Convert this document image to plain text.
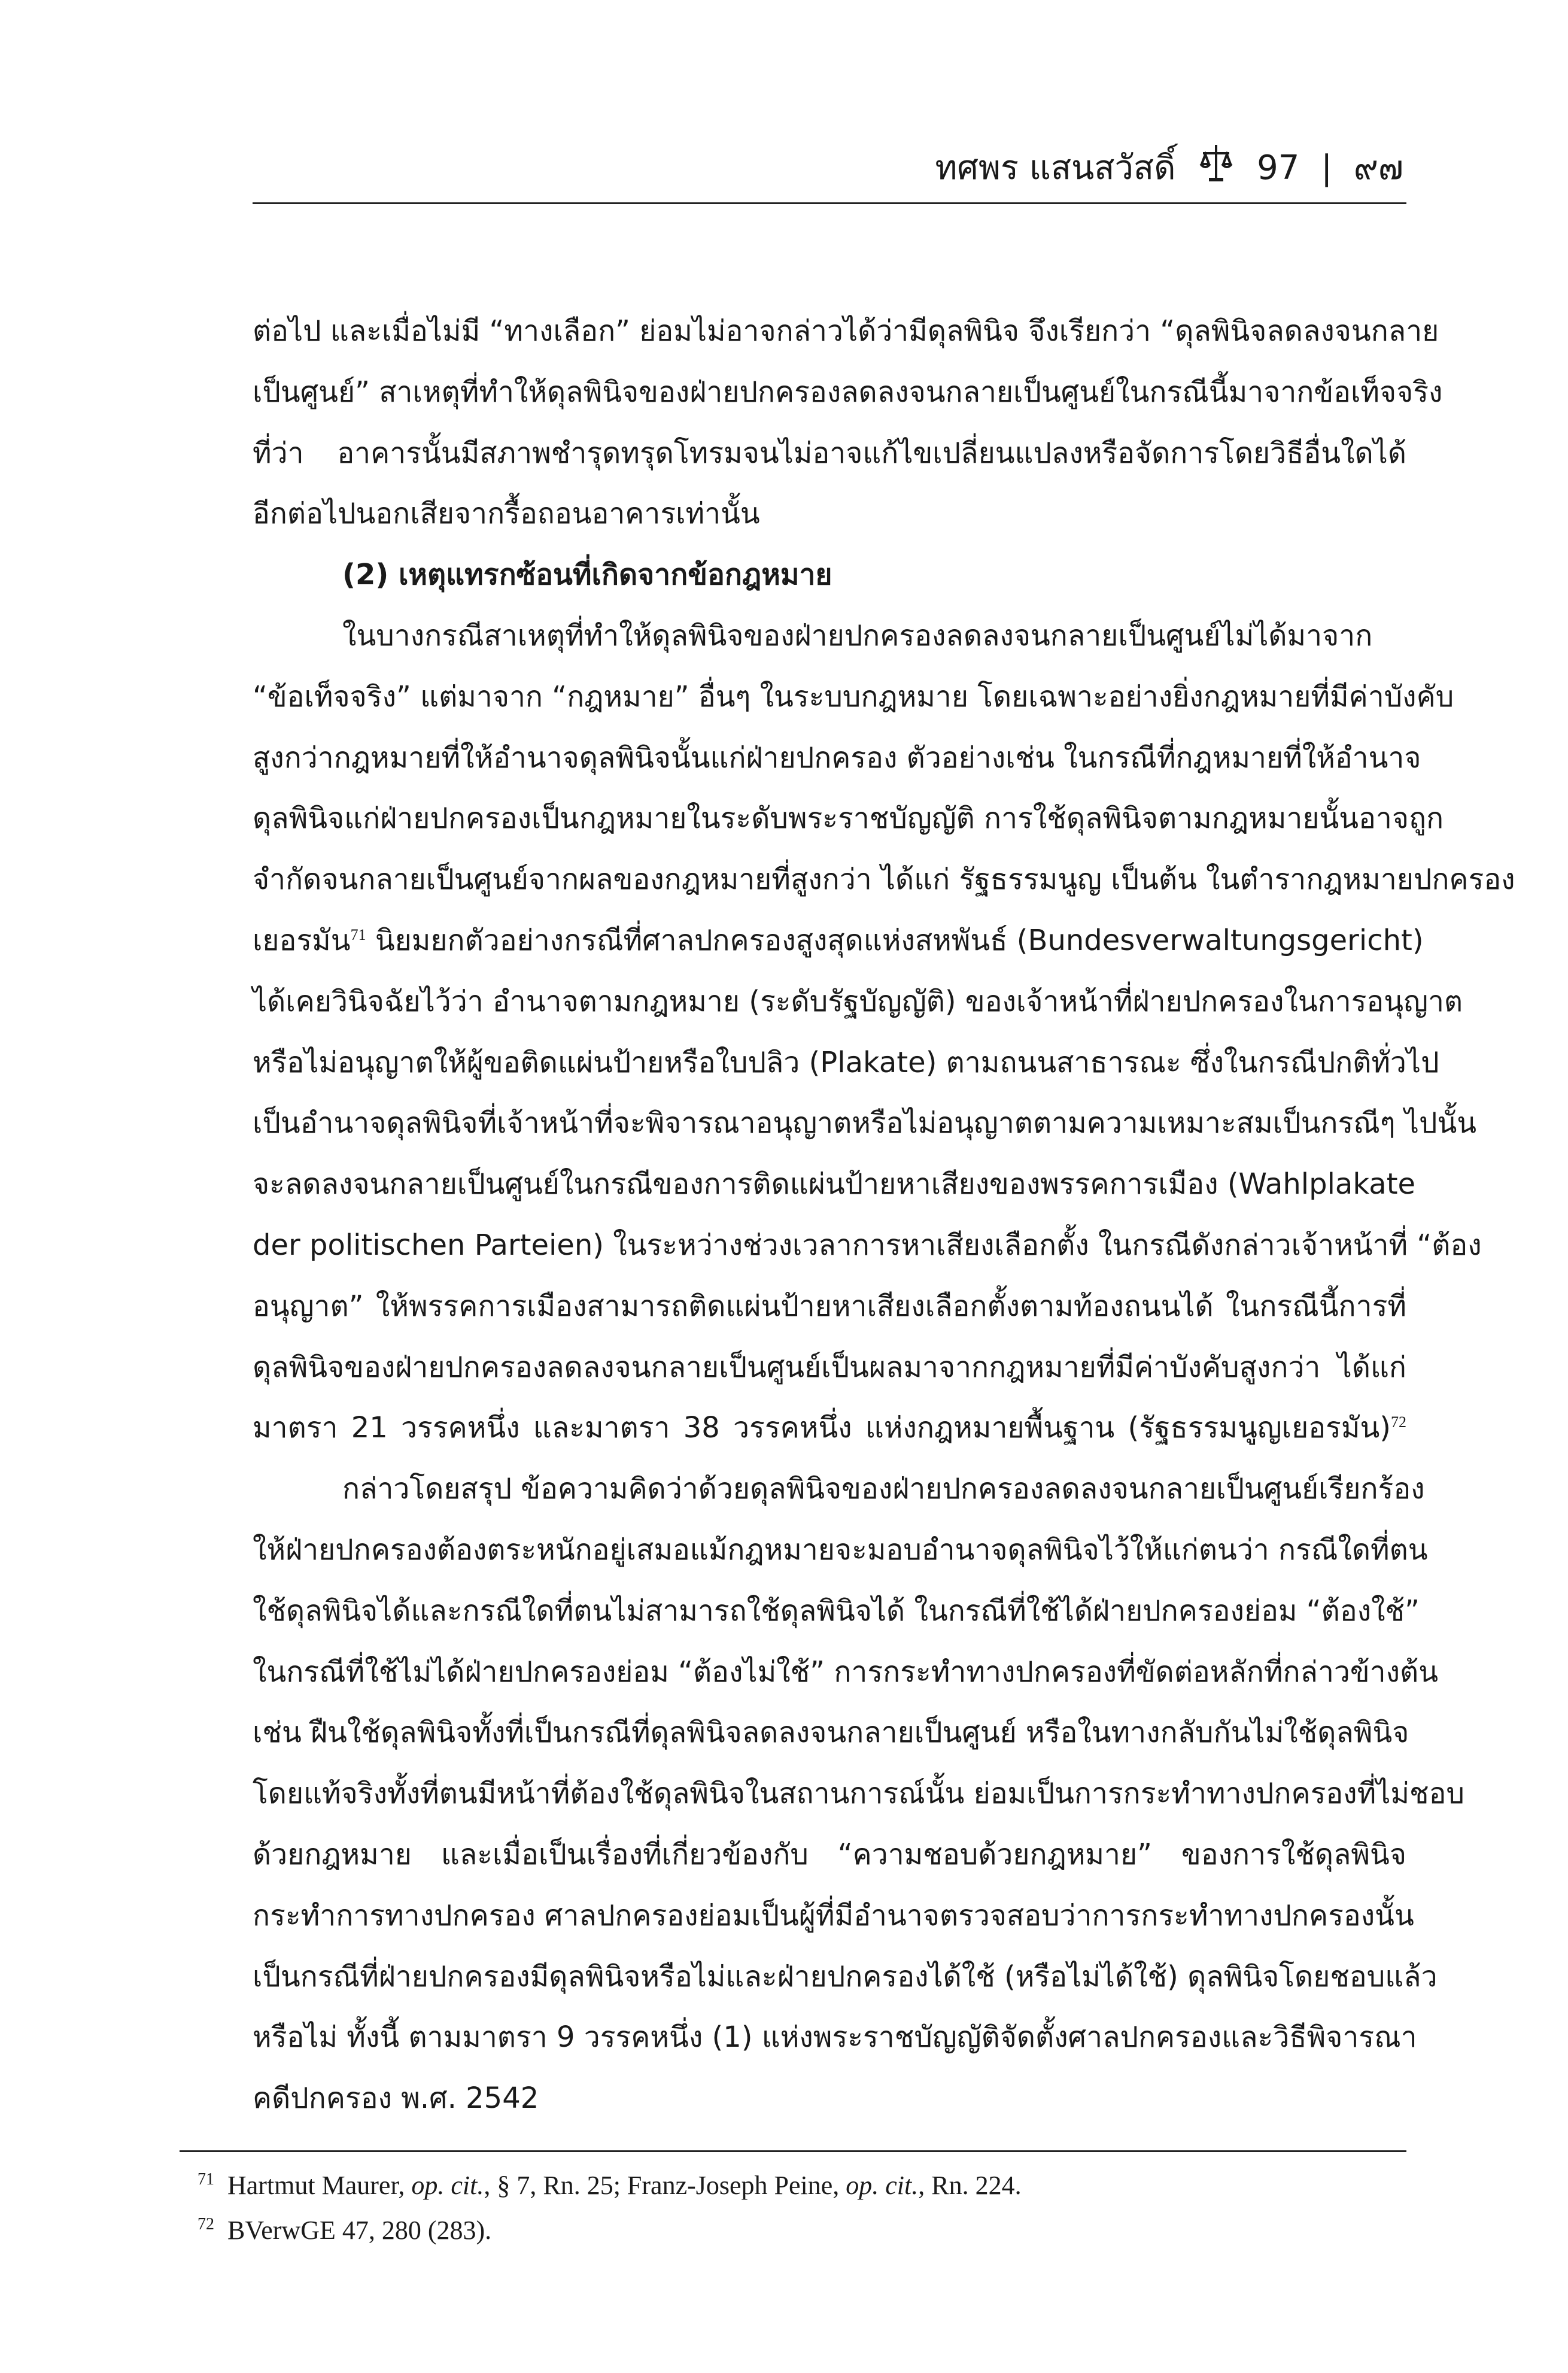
ทศพร แสนสวัสดิ์ 97 | ๙๗
ต่อไป และเมื่อไม่มี “ทางเลือก” ย่อมไม่อาจกล่าวได้ว่ามีดุลพินิจ จึงเรียกว่า “ดุลพินิจลดลงจนกลาย
เป็นศูนย์” สาเหตุที่ทำให้ดุลพินิจของฝ่ายปกครองลดลงจนกลายเป็นศูนย์ในกรณีนี้มาจากข้อเท็จจริง
ที่ว่า อาคารนั้นมีสภาพชำรุดทรุดโทรมจนไม่อาจแก้ไขเปลี่ยนแปลงหรือจัดการโดยวิธีอื่นใดได้
อีกต่อไปนอกเสียจากรื้อถอนอาคารเท่านั้น
(2) เหตุแทรกซ้อนที่เกิดจากข้อกฎหมาย
ในบางกรณีสาเหตุที่ทำให้ดุลพินิจของฝ่ายปกครองลดลงจนกลายเป็นศูนย์ไม่ได้มาจาก
“ข้อเท็จจริง” แต่มาจาก “กฎหมาย” อื่นๆ ในระบบกฎหมาย โดยเฉพาะอย่างยิ่งกฎหมายที่มีค่าบังคับ
สูงกว่ากฎหมายที่ให้อำนาจดุลพินิจนั้นแก่ฝ่ายปกครอง ตัวอย่างเช่น ในกรณีที่กฎหมายที่ให้อำนาจ
ดุลพินิจแก่ฝ่ายปกครองเป็นกฎหมายในระดับพระราชบัญญัติ การใช้ดุลพินิจตามกฎหมายนั้นอาจถูก
จำกัดจนกลายเป็นศูนย์จากผลของกฎหมายที่สูงกว่า ได้แก่ รัฐธรรมนูญ เป็นต้น ในตำรากฎหมายปกครอง
เยอรมัน$^{71}$ นิยมยกตัวอย่างกรณีที่ศาลปกครองสูงสุดแห่งสหพันธ์ (Bundesverwaltungsgericht)
ได้เคยวินิจฉัยไว้ว่า อำนาจตามกฎหมาย (ระดับรัฐบัญญัติ) ของเจ้าหน้าที่ฝ่ายปกครองในการอนุญาต
หรือไม่อนุญาตให้ผู้ขอติดแผ่นป้ายหรือใบปลิว (Plakate) ตามถนนสาธารณะ ซึ่งในกรณีปกติทั่วไป
เป็นอำนาจดุลพินิจที่เจ้าหน้าที่จะพิจารณาอนุญาตหรือไม่อนุญาตตามความเหมาะสมเป็นกรณีๆ ไปนั้น
จะลดลงจนกลายเป็นศูนย์ในกรณีของการติดแผ่นป้ายหาเสียงของพรรคการเมือง (Wahlplakate
der politischen Parteien) ในระหว่างช่วงเวลาการหาเสียงเลือกตั้ง ในกรณีดังกล่าวเจ้าหน้าที่ “ต้อง
อนุญาต” ให้พรรคการเมืองสามารถติดแผ่นป้ายหาเสียงเลือกตั้งตามท้องถนนได้ ในกรณีนี้การที่
ดุลพินิจของฝ่ายปกครองลดลงจนกลายเป็นศูนย์เป็นผลมาจากกฎหมายที่มีค่าบังคับสูงกว่า ได้แก่
มาตรา 21 วรรคหนึ่ง และมาตรา 38 วรรคหนึ่ง แห่งกฎหมายพื้นฐาน (รัฐธรรมนูญเยอรมัน)$^{72}$
กล่าวโดยสรุป ข้อความคิดว่าด้วยดุลพินิจของฝ่ายปกครองลดลงจนกลายเป็นศูนย์เรียกร้อง
ให้ฝ่ายปกครองต้องตระหนักอยู่เสมอแม้กฎหมายจะมอบอำนาจดุลพินิจไว้ให้แก่ตนว่า กรณีใดที่ตน
ใช้ดุลพินิจได้และกรณีใดที่ตนไม่สามารถใช้ดุลพินิจได้ ในกรณีที่ใช้ได้ฝ่ายปกครองย่อม “ต้องใช้”
ในกรณีที่ใช้ไม่ได้ฝ่ายปกครองย่อม “ต้องไม่ใช้” การกระทำทางปกครองที่ขัดต่อหลักที่กล่าวข้างต้น
เช่น ฝืนใช้ดุลพินิจทั้งที่เป็นกรณีที่ดุลพินิจลดลงจนกลายเป็นศูนย์ หรือในทางกลับกันไม่ใช้ดุลพินิจ
โดยแท้จริงทั้งที่ตนมีหน้าที่ต้องใช้ดุลพินิจในสถานการณ์นั้น ย่อมเป็นการกระทำทางปกครองที่ไม่ชอบ
ด้วยกฎหมาย และเมื่อเป็นเรื่องที่เกี่ยวข้องกับ “ความชอบด้วยกฎหมาย” ของการใช้ดุลพินิจ
กระทำการทางปกครอง ศาลปกครองย่อมเป็นผู้ที่มีอำนาจตรวจสอบว่าการกระทำทางปกครองนั้น
เป็นกรณีที่ฝ่ายปกครองมีดุลพินิจหรือไม่และฝ่ายปกครองได้ใช้ (หรือไม่ได้ใช้) ดุลพินิจโดยชอบแล้ว
หรือไม่ ทั้งนี้ ตามมาตรา 9 วรรคหนึ่ง (1) แห่งพระราชบัญญัติจัดตั้งศาลปกครองและวิธีพิจารณา
คดีปกครอง พ.ศ. 2542
$^{71}$ Hartmut Maurer, op. cit., § 7, Rn. 25; Franz-Joseph Peine, op. cit., Rn. 224.
$^{72}$ BVerwGE 47, 280 (283).
